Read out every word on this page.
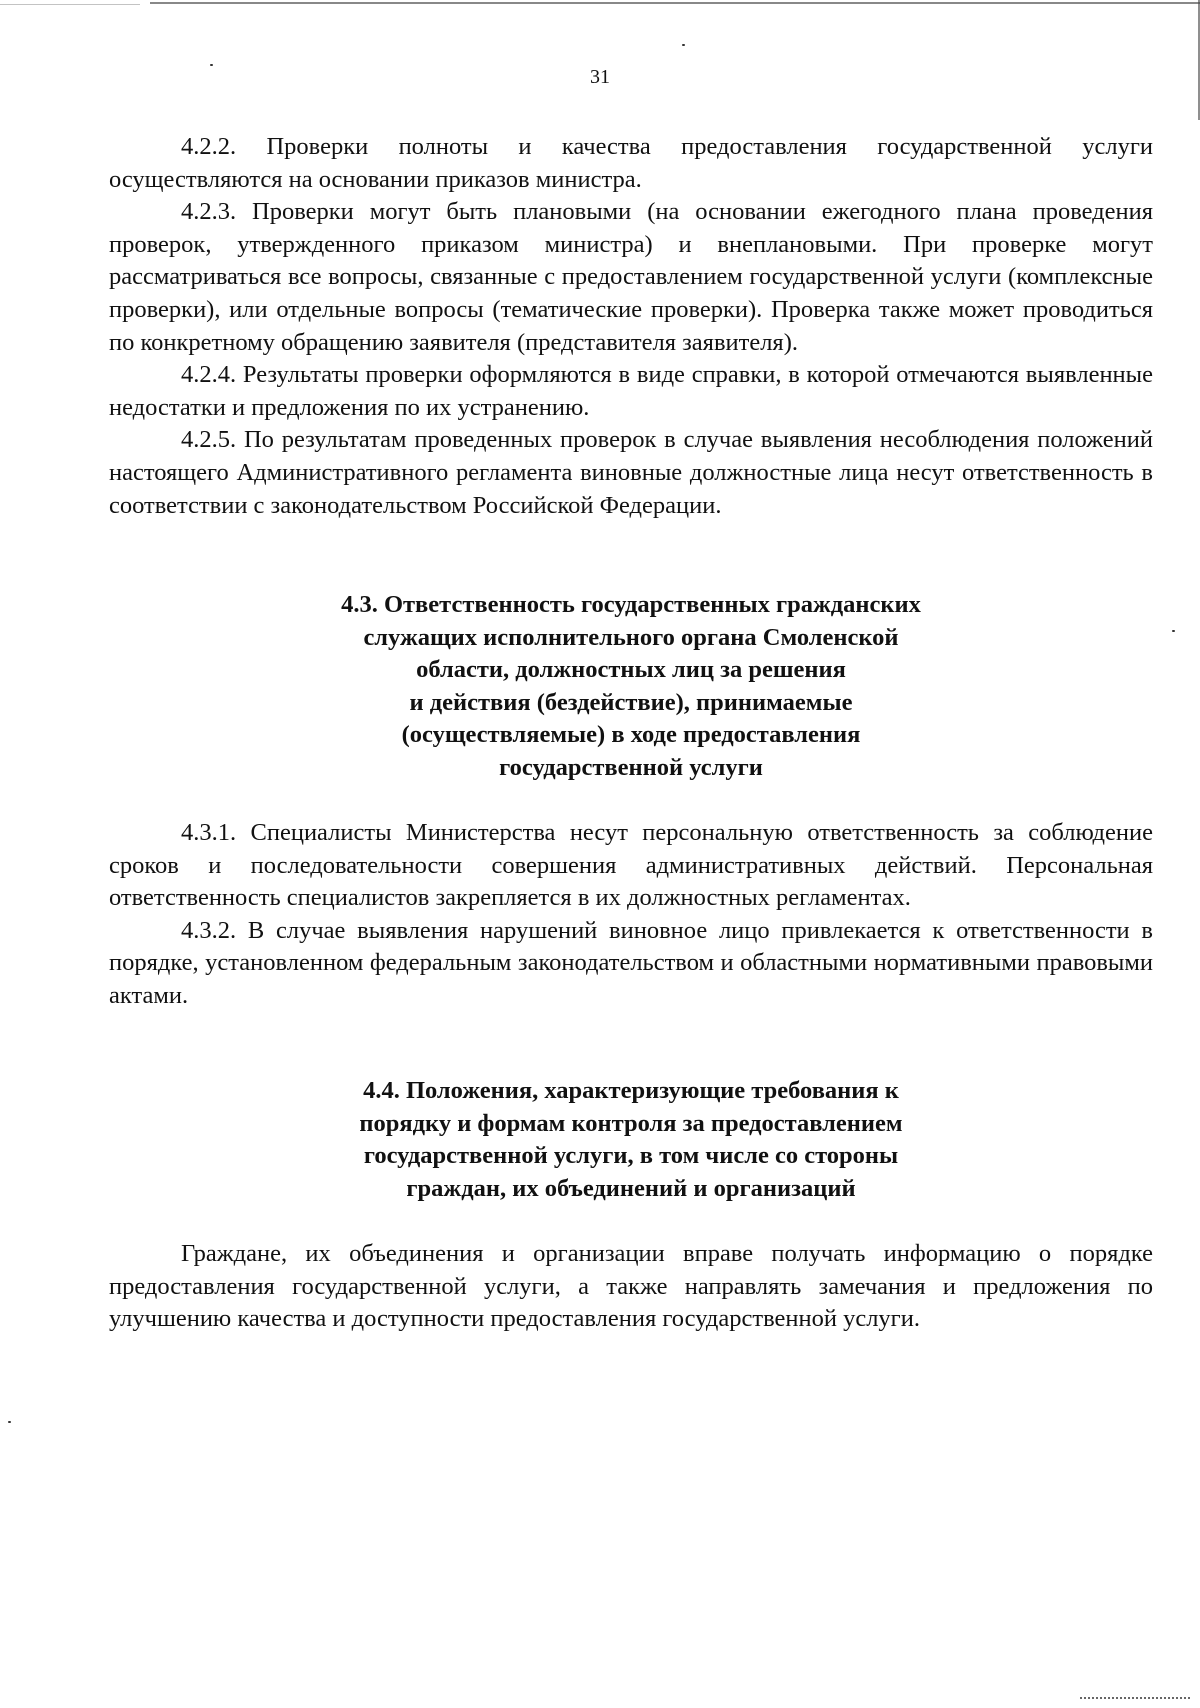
31

4.2.2. Проверки полноты и качества предоставления государственной услуги осуществляются на основании приказов министра.

4.2.3. Проверки могут быть плановыми (на основании ежегодного плана проведения проверок, утвержденного приказом министра) и внеплановыми. При проверке могут рассматриваться все вопросы, связанные с предоставлением государственной услуги (комплексные проверки), или отдельные вопросы (тематические проверки). Проверка также может проводиться по конкретному обращению заявителя (представителя заявителя).

4.2.4. Результаты проверки оформляются в виде справки, в которой отмечаются выявленные недостатки и предложения по их устранению.

4.2.5. По результатам проведенных проверок в случае выявления несоблюдения положений настоящего Административного регламента виновные должностные лица несут ответственность в соответствии с законодательством Российской Федерации.

4.3. Ответственность государственных гражданских

служащих исполнительного органа Смоленской

области, должностных лиц за решения

и действия (бездействие), принимаемые

(осуществляемые) в ходе предоставления

государственной услуги

4.3.1. Специалисты Министерства несут персональную ответственность за соблюдение сроков и последовательности совершения административных действий. Персональная ответственность специалистов закрепляется в их должностных регламентах.

4.3.2. В случае выявления нарушений виновное лицо привлекается к ответственности в порядке, установленном федеральным законодательством и областными нормативными правовыми актами.

4.4. Положения, характеризующие требования к

порядку и формам контроля за предоставлением

государственной услуги, в том числе со стороны

граждан, их объединений и организаций

Граждане, их объединения и организации вправе получать информацию о порядке предоставления государственной услуги, а также направлять замечания и предложения по улучшению качества и доступности предоставления государственной услуги.
